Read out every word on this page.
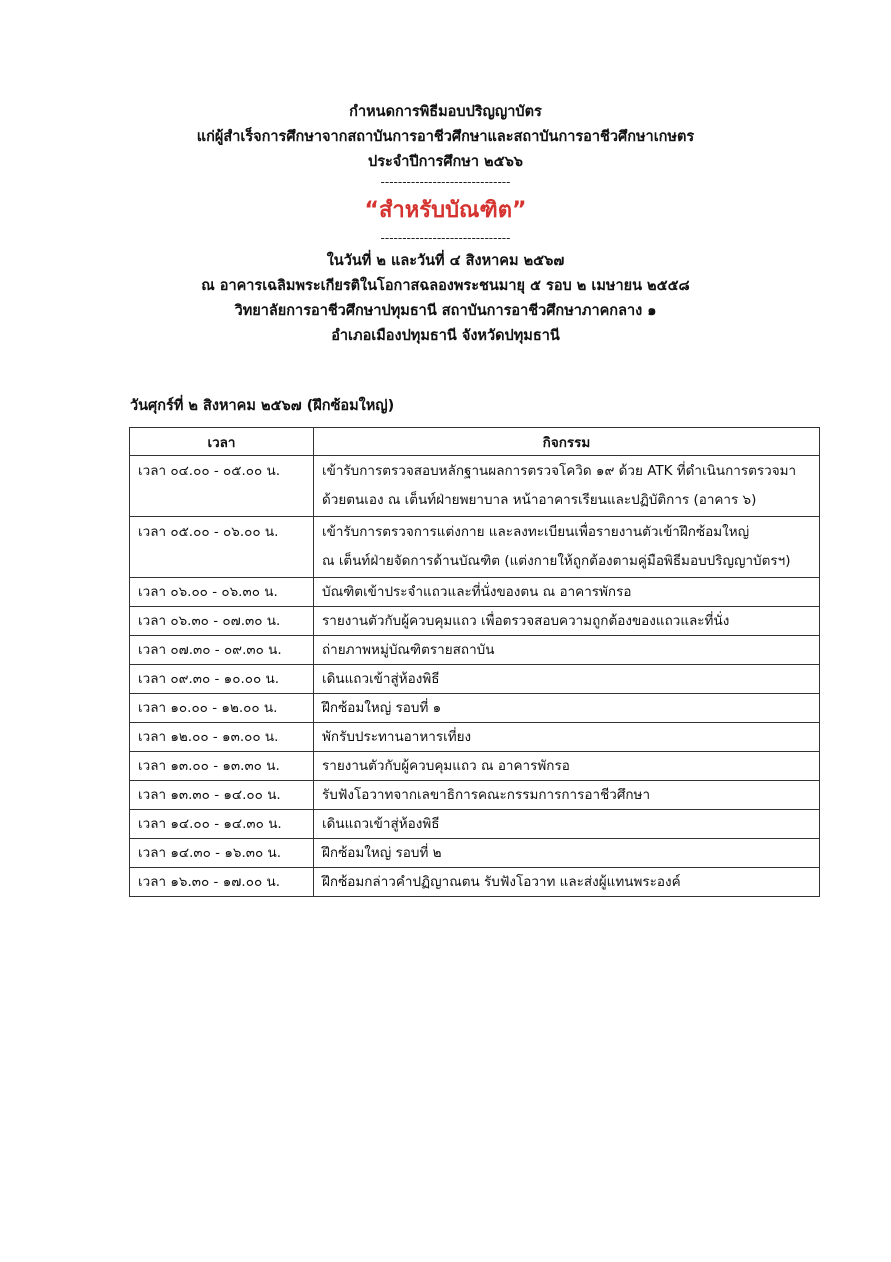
กำหนดการพิธีมอบปริญญาบัตร
แก่ผู้สำเร็จการศึกษาจากสถาบันการอาชีวศึกษาและสถาบันการอาชีวศึกษาเกษตร
ประจำปีการศึกษา ๒๕๖๖
------------------------------
“สำหรับบัณฑิต”
------------------------------
ในวันที่ ๒ และวันที่ ๔ สิงหาคม ๒๕๖๗
ณ อาคารเฉลิมพระเกียรติในโอกาสฉลองพระชนมายุ ๕ รอบ ๒ เมษายน ๒๕๕๘
วิทยาลัยการอาชีวศึกษาปทุมธานี สถาบันการอาชีวศึกษาภาคกลาง ๑
อำเภอเมืองปทุมธานี จังหวัดปทุมธานี
วันศุกร์ที่ ๒ สิงหาคม ๒๕๖๗ (ฝึกซ้อมใหญ่)
เวลา	กิจกรรม
เวลา ๐๔.๐๐ - ๐๕.๐๐ น.	เข้ารับการตรวจสอบหลักฐานผลการตรวจโควิด ๑๙ ด้วย ATK ที่ดำเนินการตรวจมา
ด้วยตนเอง ณ เต็นท์ฝ่ายพยาบาล หน้าอาคารเรียนและปฏิบัติการ (อาคาร ๖)

เวลา ๐๕.๐๐ - ๐๖.๐๐ น.	เข้ารับการตรวจการแต่งกาย และลงทะเบียนเพื่อรายงานตัวเข้าฝึกซ้อมใหญ่
ณ เต็นท์ฝ่ายจัดการด้านบัณฑิต (แต่งกายให้ถูกต้องตามคู่มือพิธีมอบปริญญาบัตรฯ)

เวลา ๐๖.๐๐ - ๐๖.๓๐ น.	บัณฑิตเข้าประจำแถวและที่นั่งของตน ณ อาคารพักรอ

เวลา ๐๖.๓๐ - ๐๗.๓๐ น.	รายงานตัวกับผู้ควบคุมแถว เพื่อตรวจสอบความถูกต้องของแถวและที่นั่ง

เวลา ๐๗.๓๐ - ๐๙.๓๐ น.	ถ่ายภาพหมู่บัณฑิตรายสถาบัน

เวลา ๐๙.๓๐ - ๑๐.๐๐ น.	เดินแถวเข้าสู่ห้องพิธี

เวลา ๑๐.๐๐ - ๑๒.๐๐ น.	ฝึกซ้อมใหญ่ รอบที่ ๑

เวลา ๑๒.๐๐ - ๑๓.๐๐ น.	พักรับประทานอาหารเที่ยง

เวลา ๑๓.๐๐ - ๑๓.๓๐ น.	รายงานตัวกับผู้ควบคุมแถว ณ อาคารพักรอ

เวลา ๑๓.๓๐ - ๑๔.๐๐ น.	รับฟังโอวาทจากเลขาธิการคณะกรรมการการอาชีวศึกษา

เวลา ๑๔.๐๐ - ๑๔.๓๐ น.	เดินแถวเข้าสู่ห้องพิธี

เวลา ๑๔.๓๐ - ๑๖.๓๐ น.	ฝึกซ้อมใหญ่ รอบที่ ๒

เวลา ๑๖.๓๐ - ๑๗.๐๐ น.	ฝึกซ้อมกล่าวคำปฏิญาณตน รับฟังโอวาท และส่งผู้แทนพระองค์
